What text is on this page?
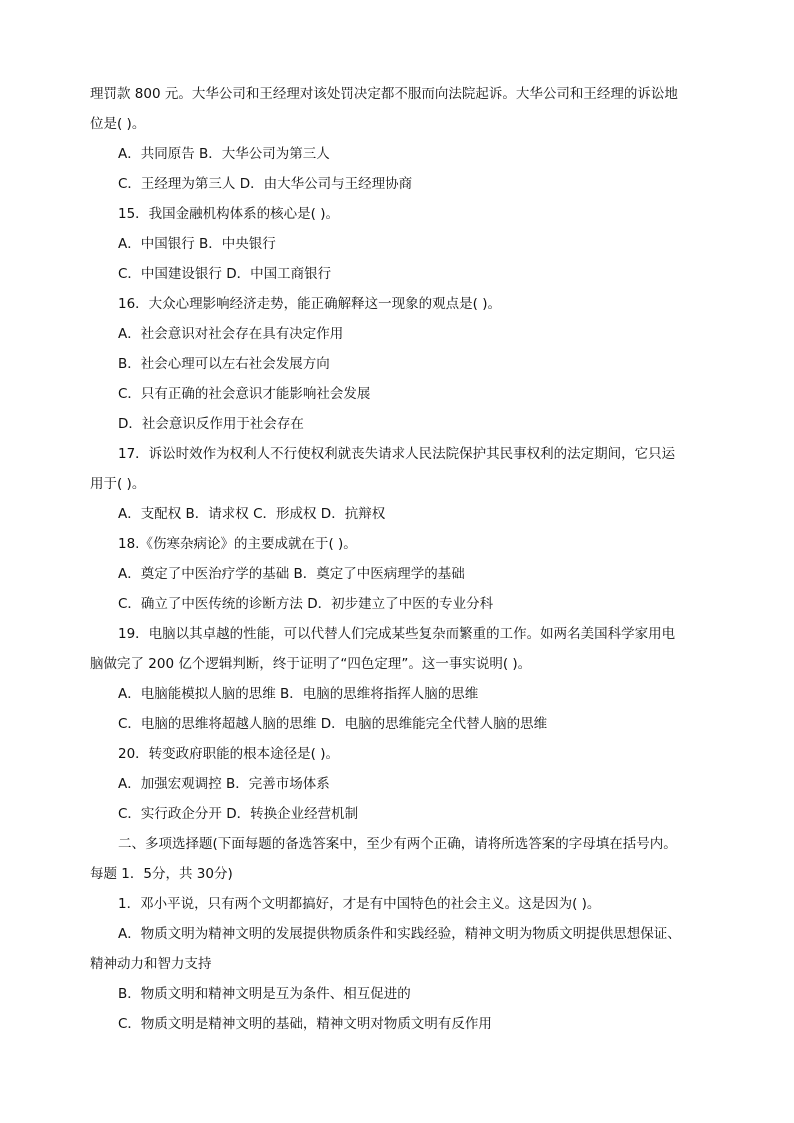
理罚款 800 元。大华公司和王经理对该处罚决定都不服而向法院起诉。大华公司和王经理的诉讼地
位是( )。
A．共同原告 B．大华公司为第三人
C．王经理为第三人 D．由大华公司与王经理协商
15．我国金融机构体系的核心是( )。
A．中国银行 B．中央银行
C．中国建设银行 D．中国工商银行
16．大众心理影响经济走势，能正确解释这一现象的观点是( )。
A．社会意识对社会存在具有决定作用
B．社会心理可以左右社会发展方向
C．只有正确的社会意识才能影响社会发展
D．社会意识反作用于社会存在
17．诉讼时效作为权利人不行使权利就丧失请求人民法院保护其民事权利的法定期间，它只运
用于( )。
A．支配权 B．请求权 C．形成权 D．抗辩权
18.《伤寒杂病论》的主要成就在于( )。
A．奠定了中医治疗学的基础 B．奠定了中医病理学的基础
C．确立了中医传统的诊断方法 D．初步建立了中医的专业分科
19．电脑以其卓越的性能，可以代替人们完成某些复杂而繁重的工作。如两名美国科学家用电
脑做完了 200 亿个逻辑判断，终于证明了“四色定理”。这一事实说明( )。
A．电脑能模拟人脑的思维 B．电脑的思维将指挥人脑的思维
C．电脑的思维将超越人脑的思维 D．电脑的思维能完全代替人脑的思维
20．转变政府职能的根本途径是( )。
A．加强宏观调控 B．完善市场体系
C．实行政企分开 D．转换企业经营机制
二、多项选择题(下面每题的备选答案中，至少有两个正确，请将所选答案的字母填在括号内。
每题 1．5分，共 30分)
1．邓小平说，只有两个文明都搞好，才是有中国特色的社会主义。这是因为( )。
A．物质文明为精神文明的发展提供物质条件和实践经验，精神文明为物质文明提供思想保证、
精神动力和智力支持
B．物质文明和精神文明是互为条件、相互促进的
C．物质文明是精神文明的基础，精神文明对物质文明有反作用
